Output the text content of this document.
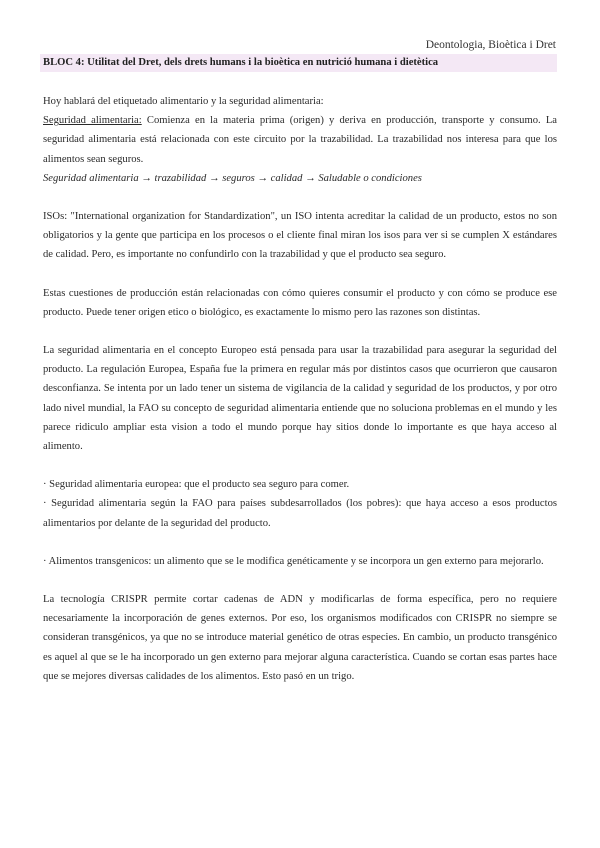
Deontologia, Bioètica i Dret
BLOC 4: Utilitat del Dret, dels drets humans i la bioètica en nutrició humana i dietètica

Hoy hablará del etiquetado alimentario y la seguridad alimentaria:

Seguridad alimentaria: Comienza en la materia prima (origen) y deriva en producción, transporte y consumo. La seguridad alimentaria está relacionada con este circuito por la trazabilidad. La trazabilidad nos interesa para que los alimentos sean seguros.

Seguridad alimentaria → trazabilidad → seguros → calidad → Saludable o condiciones

ISOs: "International organization for Standardization", un ISO intenta acreditar la calidad de un producto, estos no son obligatorios y la gente que participa en los procesos o el cliente final miran los isos para ver si se cumplen X estándares de calidad. Pero, es importante no confundirlo con la trazabilidad y que el producto sea seguro.

Estas cuestiones de producción están relacionadas con cómo quieres consumir el producto y con cómo se produce ese producto. Puede tener origen etico o biológico, es exactamente lo mismo pero las razones son distintas.

La seguridad alimentaria en el concepto Europeo está pensada para usar la trazabilidad para asegurar la seguridad del producto. La regulación Europea, España fue la primera en regular más por distintos casos que ocurrieron que causaron desconfianza. Se intenta por un lado tener un sistema de vigilancia de la calidad y seguridad de los productos, y por otro lado nivel mundial, la FAO su concepto de seguridad alimentaria entiende que no soluciona problemas en el mundo y les parece ridiculo ampliar esta vision a todo el mundo porque hay sitios donde lo importante es que haya acceso al alimento.

· Seguridad alimentaria europea: que el producto sea seguro para comer.

· Seguridad alimentaria según la FAO para países subdesarrollados (los pobres): que haya acceso a esos productos alimentarios por delante de la seguridad del producto.

· Alimentos transgenicos: un alimento que se le modifica genéticamente y se incorpora un gen externo para mejorarlo.

La tecnología CRISPR permite cortar cadenas de ADN y modificarlas de forma específica, pero no requiere necesariamente la incorporación de genes externos. Por eso, los organismos modificados con CRISPR no siempre se consideran transgénicos, ya que no se introduce material genético de otras especies. En cambio, un producto transgénico es aquel al que se le ha incorporado un gen externo para mejorar alguna característica. Cuando se cortan esas partes hace que se mejores diversas calidades de los alimentos. Esto pasó en un trigo.
